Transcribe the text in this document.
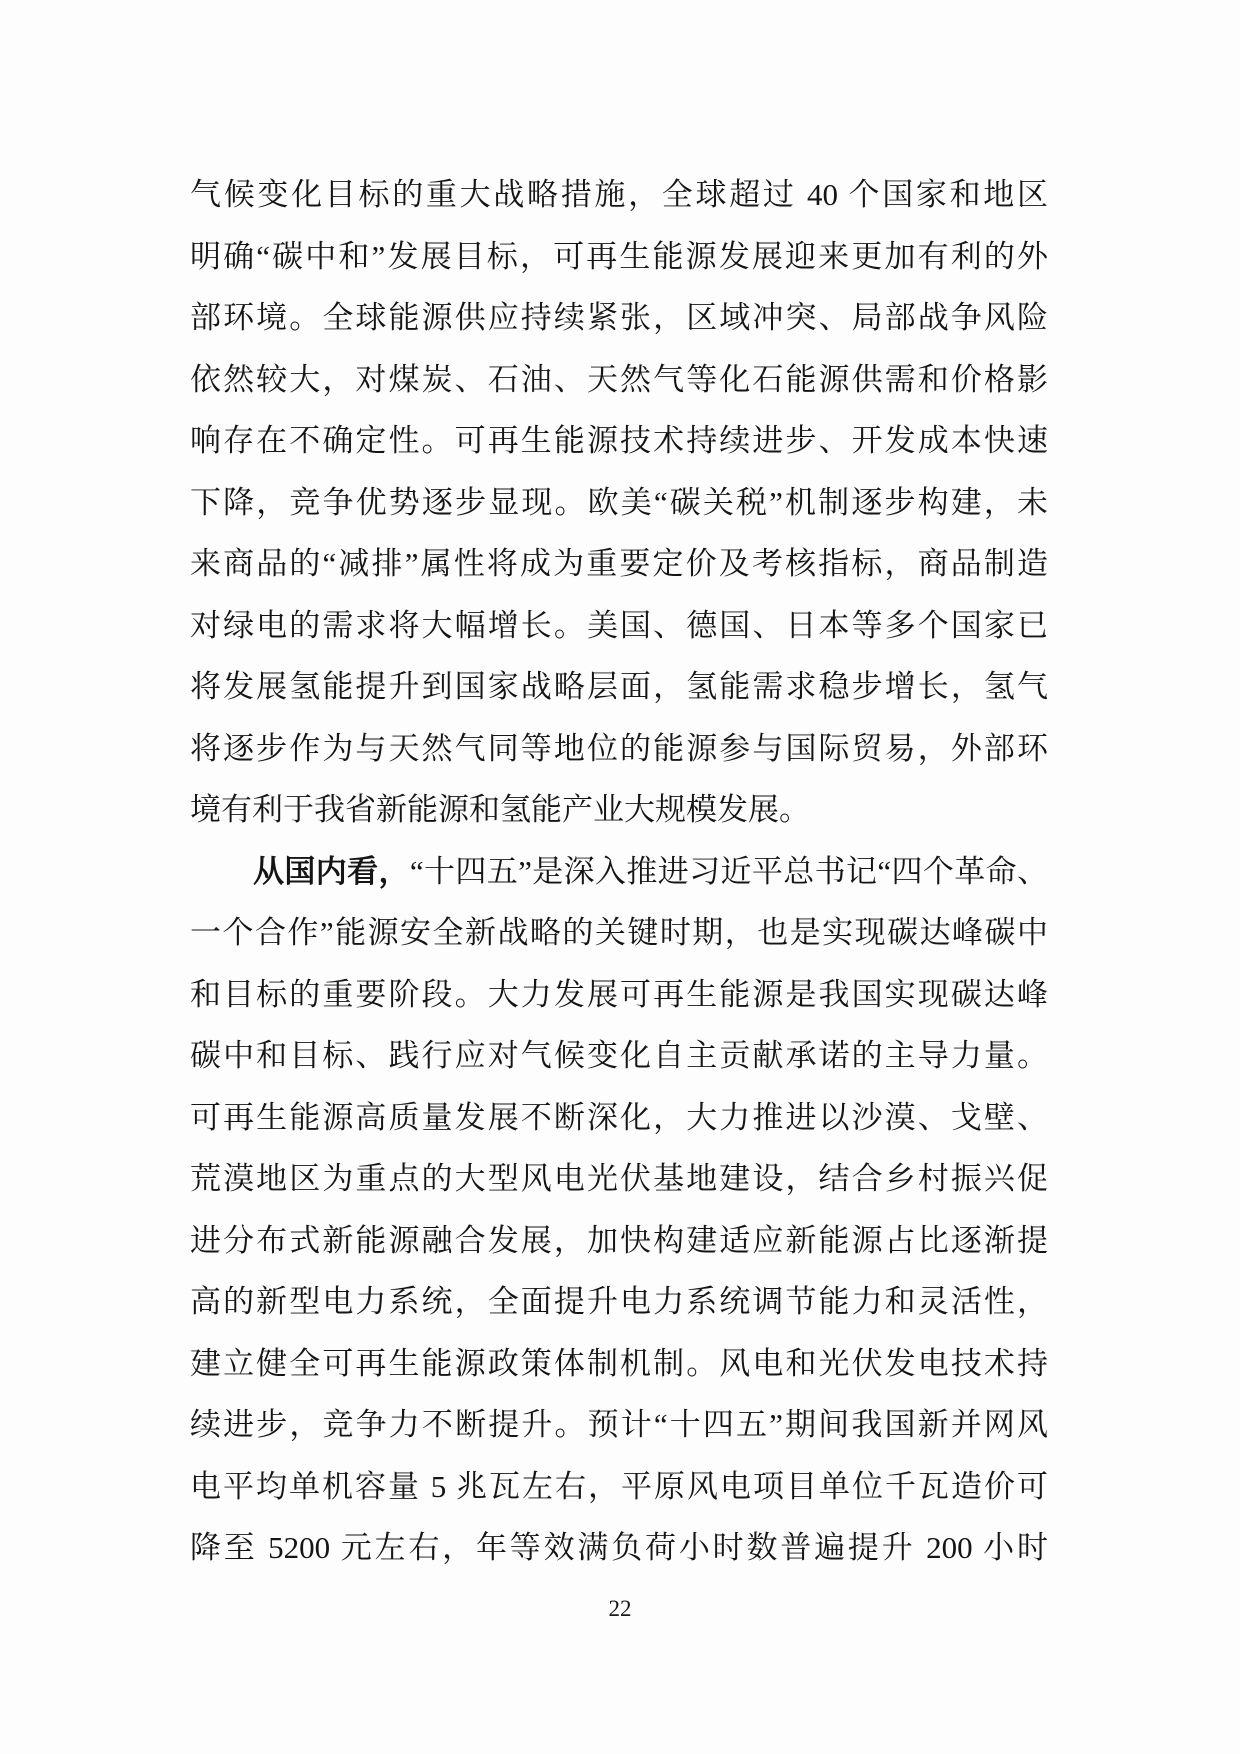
气候变化目标的重大战略措施，全球超过 40 个国家和地区
明确“碳中和”发展目标，可再生能源发展迎来更加有利的外
部环境。全球能源供应持续紧张，区域冲突、局部战争风险
依然较大，对煤炭、石油、天然气等化石能源供需和价格影
响存在不确定性。可再生能源技术持续进步、开发成本快速
下降，竞争优势逐步显现。欧美“碳关税”机制逐步构建，未
来商品的“减排”属性将成为重要定价及考核指标，商品制造
对绿电的需求将大幅增长。美国、德国、日本等多个国家已
将发展氢能提升到国家战略层面，氢能需求稳步增长，氢气
将逐步作为与天然气同等地位的能源参与国际贸易，外部环
境有利于我省新能源和氢能产业大规模发展。
从国内看，“十四五”是深入推进习近平总书记“四个革命、
一个合作”能源安全新战略的关键时期，也是实现碳达峰碳中
和目标的重要阶段。大力发展可再生能源是我国实现碳达峰
碳中和目标、践行应对气候变化自主贡献承诺的主导力量。
可再生能源高质量发展不断深化，大力推进以沙漠、戈壁、
荒漠地区为重点的大型风电光伏基地建设，结合乡村振兴促
进分布式新能源融合发展，加快构建适应新能源占比逐渐提
高的新型电力系统，全面提升电力系统调节能力和灵活性，
建立健全可再生能源政策体制机制。风电和光伏发电技术持
续进步，竞争力不断提升。预计“十四五”期间我国新并网风
电平均单机容量 5 兆瓦左右，平原风电项目单位千瓦造价可
降至 5200 元左右，年等效满负荷小时数普遍提升 200 小时
22
